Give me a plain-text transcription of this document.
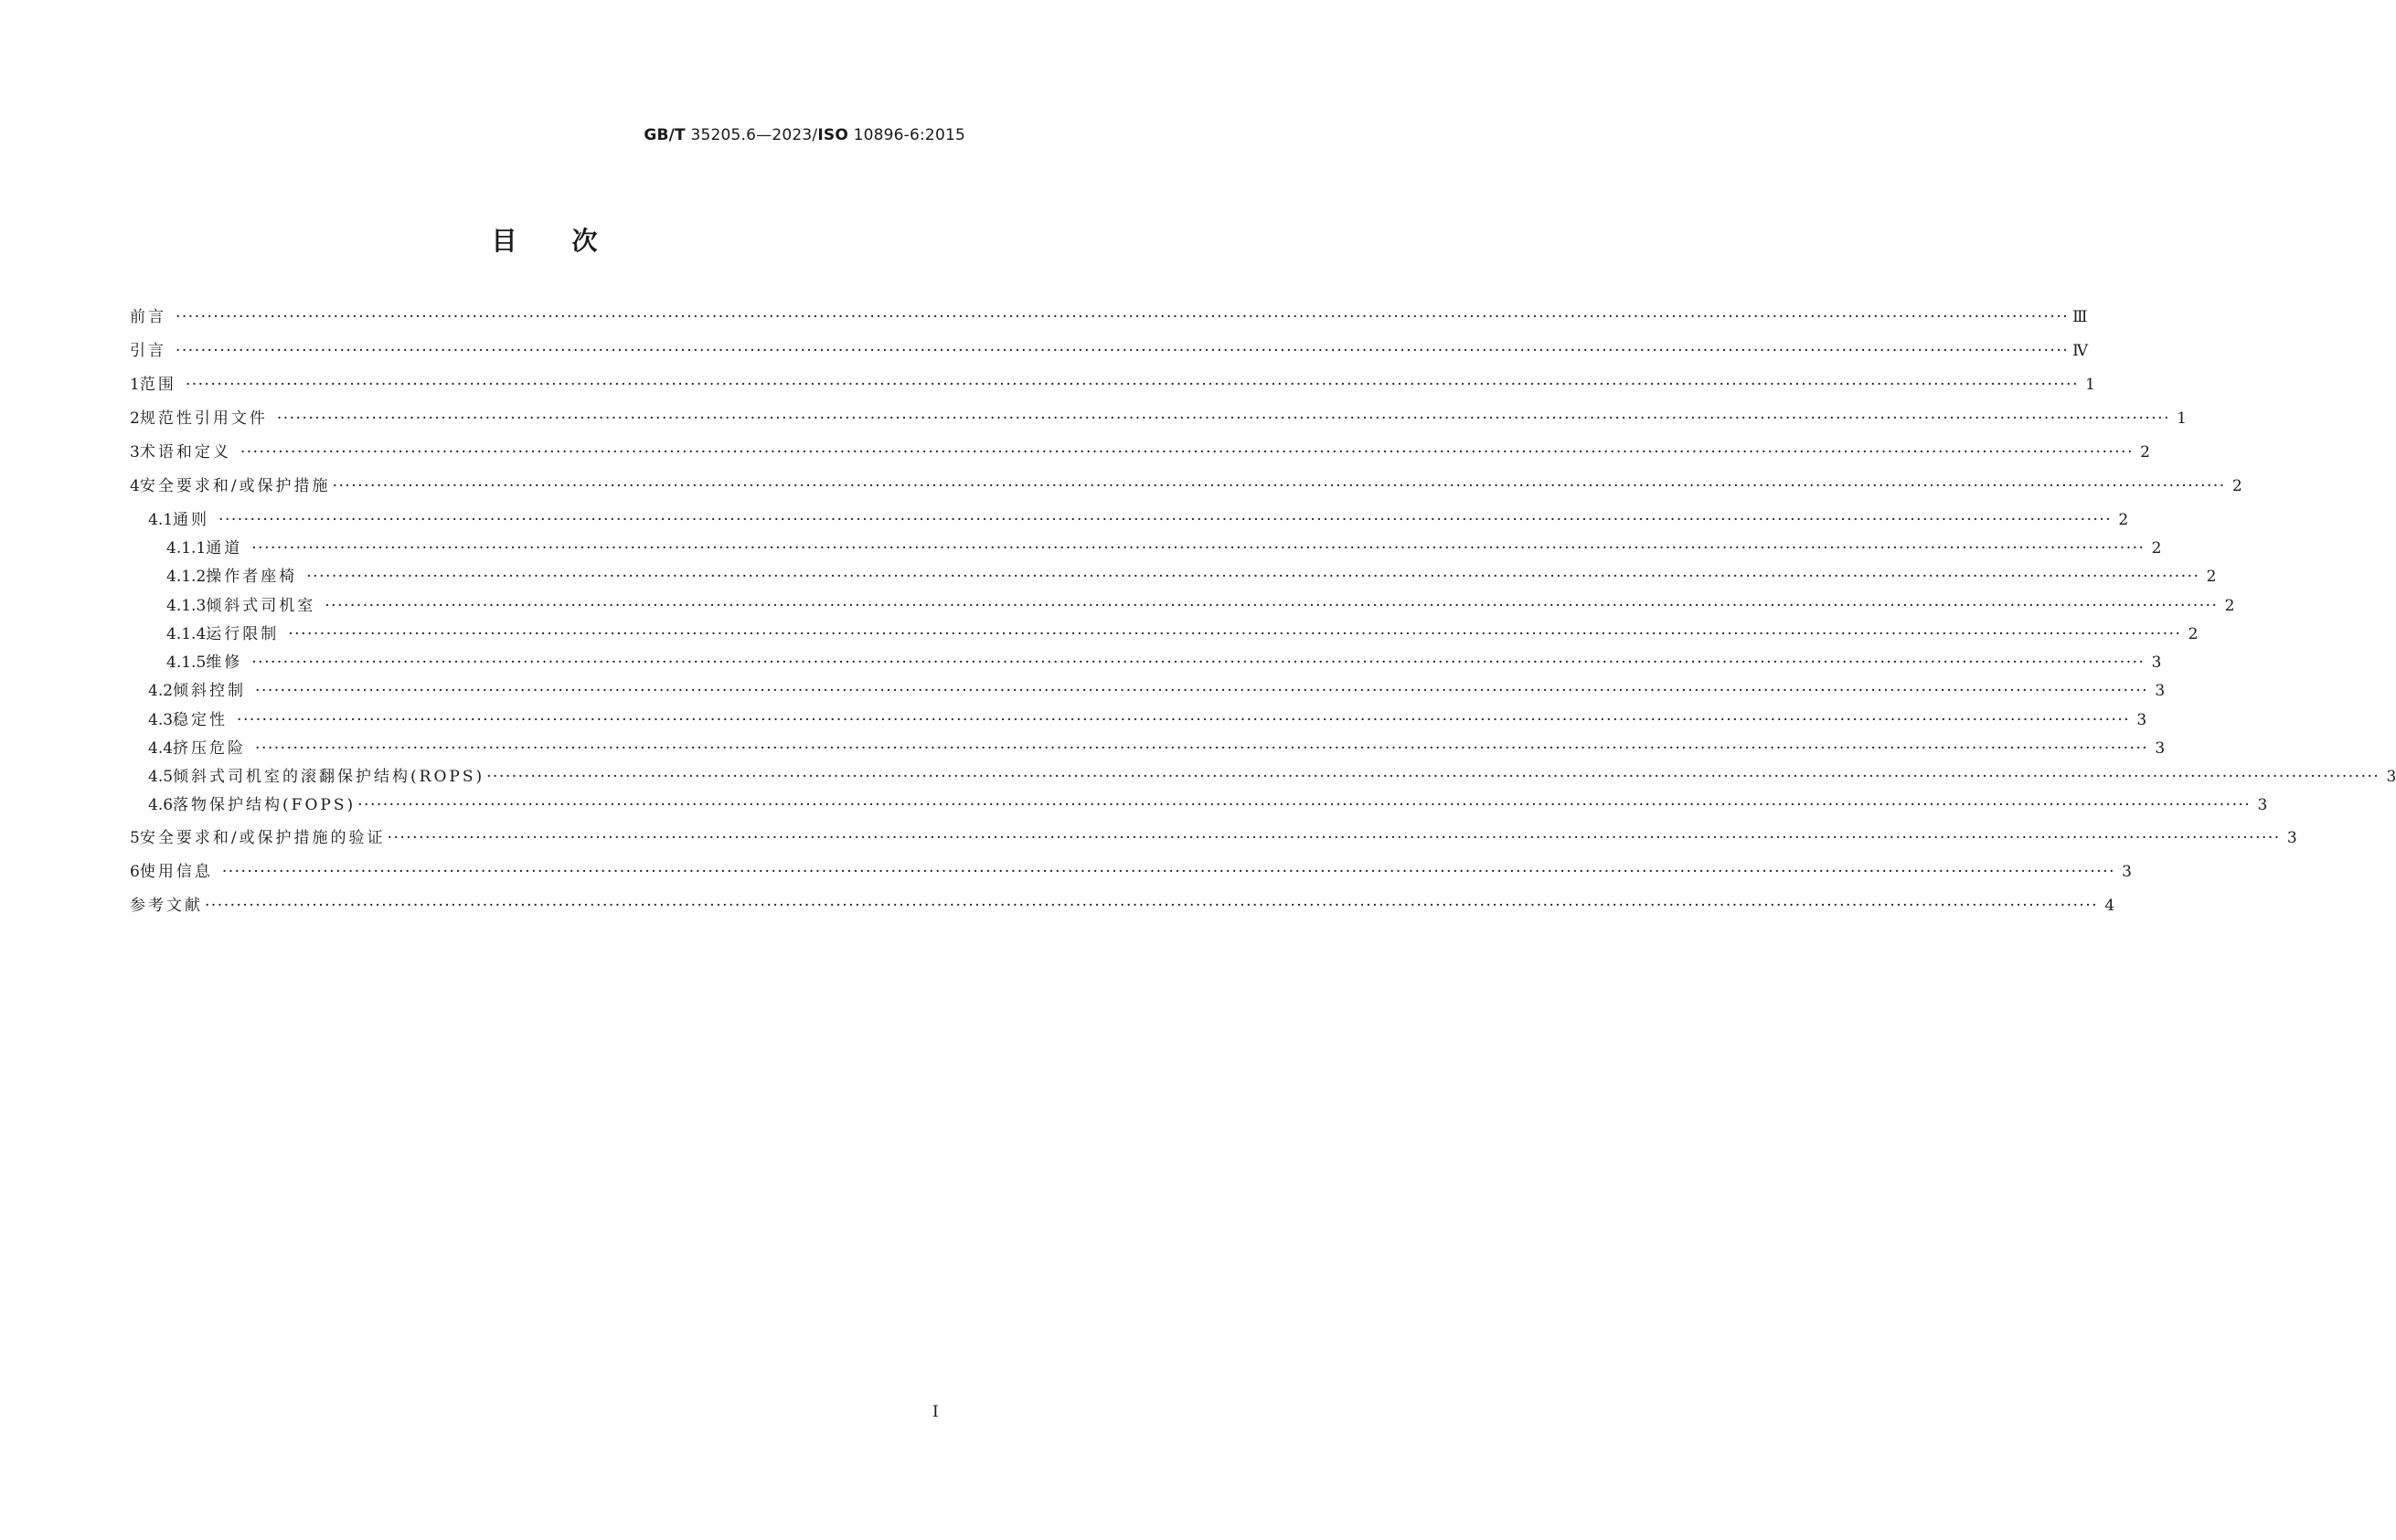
GB/T 35205.6—2023/ISO 10896-6:2015
目次
前言 ············································································································································································································································································································ Ⅲ
引言 ············································································································································································································································································································ Ⅳ
1 范围 ············································································································································································································································································································ 1
2 规范性引用文件 ············································································································································································································································································································ 1
3 术语和定义 ············································································································································································································································································································ 2
4 安全要求和/或保护措施 ············································································································································································································································································································ 2
4.1 通则 ············································································································································································································································································································ 2
4.1.1 通道 ············································································································································································································································································································ 2
4.1.2 操作者座椅 ············································································································································································································································································································ 2
4.1.3 倾斜式司机室 ············································································································································································································································································································ 2
4.1.4 运行限制 ············································································································································································································································································································ 2
4.1.5 维修 ············································································································································································································································································································ 3
4.2 倾斜控制 ············································································································································································································································································································ 3
4.3 稳定性 ············································································································································································································································································································ 3
4.4 挤压危险 ············································································································································································································································································································ 3
4.5 倾斜式司机室的滚翻保护结构(ROPS) ············································································································································································································································································································ 3
4.6 落物保护结构(FOPS) ············································································································································································································································································································ 3
5 安全要求和/或保护措施的验证 ············································································································································································································································································································ 3
6 使用信息 ············································································································································································································································································································ 3
参考文献 ············································································································································································································································································································ 4
I
